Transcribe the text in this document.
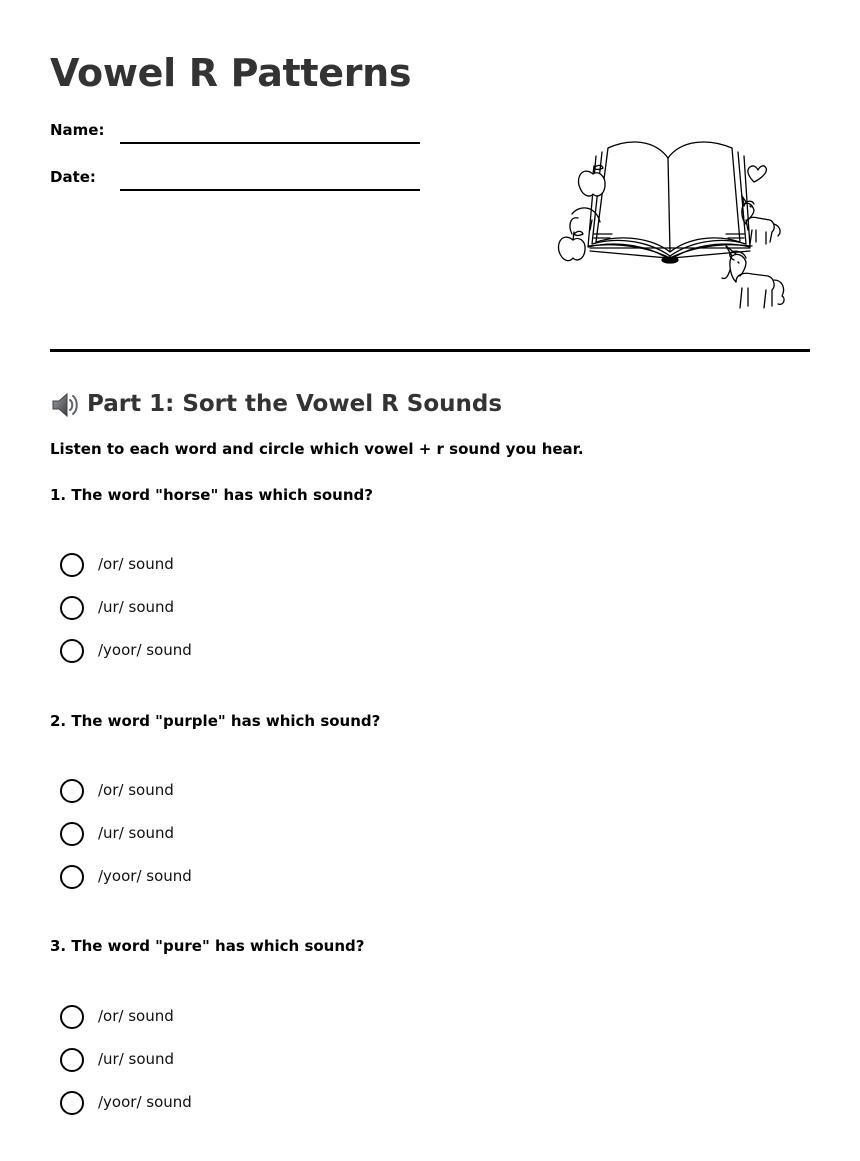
Vowel R Patterns
Name:
Date:
Part 1: Sort the Vowel R Sounds
Listen to each word and circle which vowel + r sound you hear.
1. The word "horse" has which sound?
/or/ sound
/ur/ sound
/yoor/ sound
2. The word "purple" has which sound?
/or/ sound
/ur/ sound
/yoor/ sound
3. The word "pure" has which sound?
/or/ sound
/ur/ sound
/yoor/ sound
